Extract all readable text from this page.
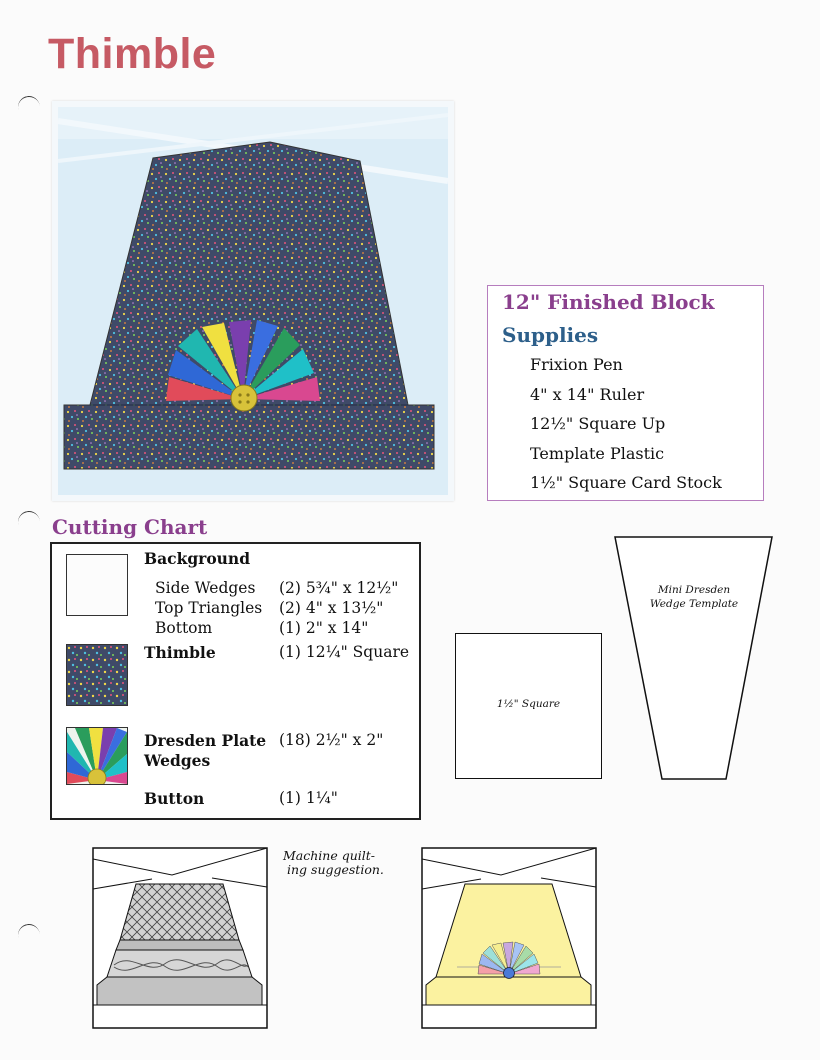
Thimble
12" Finished Block
Supplies
Frixion Pen
4" x 14" Ruler
12½" Square Up
Template Plastic
1½" Square Card Stock
Cutting Chart
Background
Side Wedges (2) 5¾" x 12½"
Top Triangles (2) 4" x 13½"
Bottom	(1) 2" x 14"
Thimble	(1) 12¼" Square
Dresden Plate
Wedges
(18) 2½" x 2"
Button	(1) 1¼"
1½" Square
Mini Dresden
Wedge Template
Machine quilt-
ing suggestion.
